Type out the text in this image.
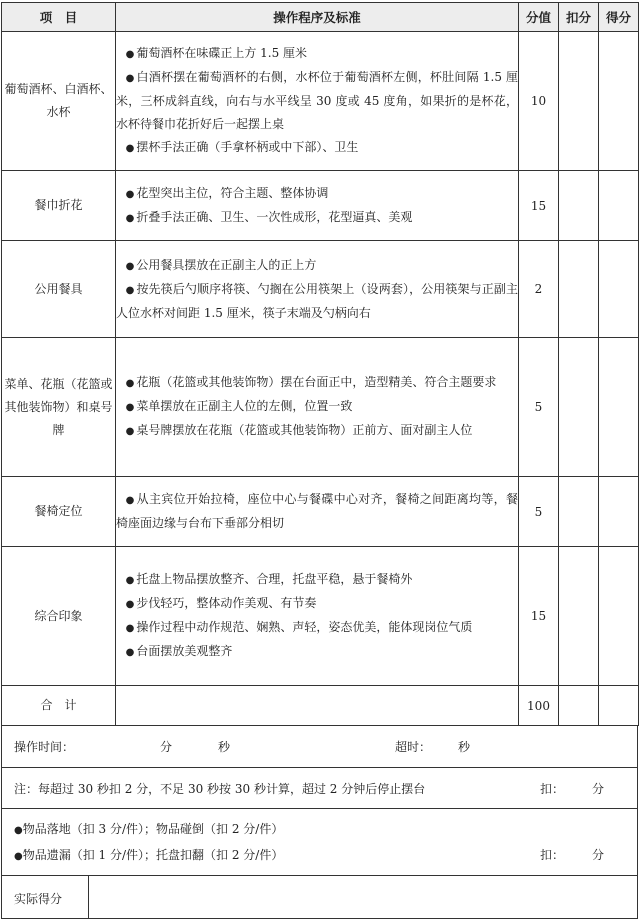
项　目	操作程序及标准	分值	扣分	得分
葡萄酒杯、白酒杯、水杯	● 葡萄酒杯在味碟正上方 1.5 厘米
● 白酒杯摆在葡萄酒杯的右侧，水杯位于葡萄酒杯左侧，杯肚间隔 1.5 厘米，三杯成斜直线，向右与水平线呈 30 度或 45 度角，如果折的是杯花，水杯待餐巾花折好后一起摆上桌
● 摆杯手法正确（手拿杯柄或中下部）、卫生	10		
餐巾折花	● 花型突出主位，符合主题、整体协调
● 折叠手法正确、卫生、一次性成形，花型逼真、美观	15		
公用餐具	● 公用餐具摆放在正副主人的正上方
● 按先筷后勺顺序将筷、勺搁在公用筷架上（设两套），公用筷架与正副主人位水杯对间距 1.5 厘米，筷子末端及勺柄向右	2		
菜单、花瓶（花篮或其他装饰物）和桌号牌	● 花瓶（花篮或其他装饰物）摆在台面正中，造型精美、符合主题要求
● 菜单摆放在正副主人位的左侧，位置一致
● 桌号牌摆放在花瓶（花篮或其他装饰物）正前方、面对副主人位	5		
餐椅定位	● 从主宾位开始拉椅，座位中心与餐碟中心对齐，餐椅之间距离均等，餐椅座面边缘与台布下垂部分相切	5		
综合印象	● 托盘上物品摆放整齐、合理，托盘平稳，悬于餐椅外
● 步伐轻巧，整体动作美观、有节奏
● 操作过程中动作规范、娴熟、声轻，姿态优美，能体现岗位气质
● 台面摆放美观整齐	15		
合　计		100		
操作时间：	分	秒	超时： 秒
注：每超过 30 秒扣 2 分，不足 30 秒按 30 秒计算，超过 2 分钟后停止摆台	扣： 分
●物品落地（扣 3 分/件）；物品碰倒（扣 2 分/件）
●物品遗漏（扣 1 分/件）；托盘扣翻（扣 2 分/件）	扣： 分
实际得分
